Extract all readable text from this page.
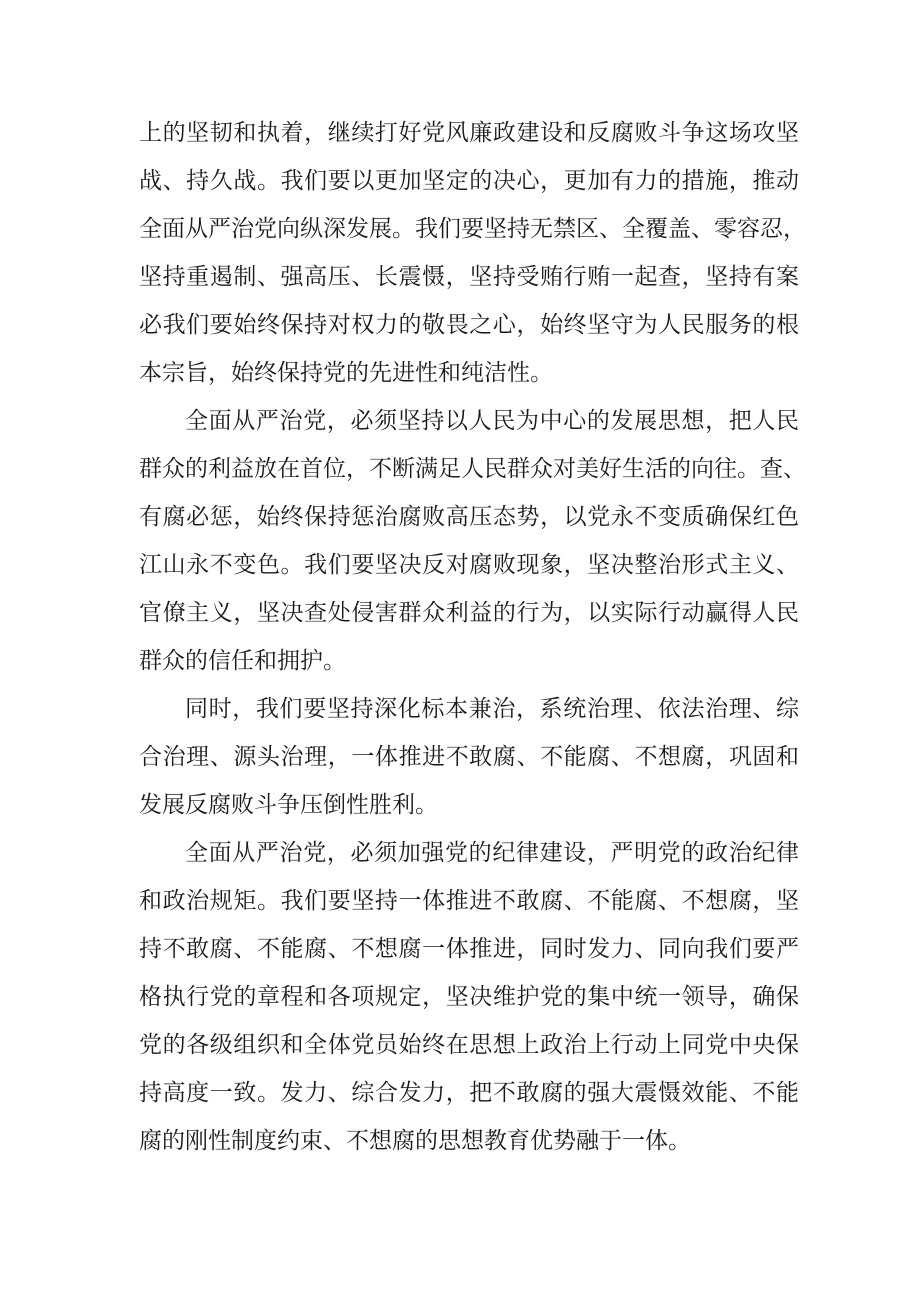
上的坚韧和执着，继续打好党风廉政建设和反腐败斗争这场攻坚
战、持久战。我们要以更加坚定的决心，更加有力的措施，推动
全面从严治党向纵深发展。我们要坚持无禁区、全覆盖、零容忍，
坚持重遏制、强高压、长震慑，坚持受贿行贿一起查，坚持有案
必我们要始终保持对权力的敬畏之心，始终坚守为人民服务的根
本宗旨，始终保持党的先进性和纯洁性。
全面从严治党，必须坚持以人民为中心的发展思想，把人民
群众的利益放在首位，不断满足人民群众对美好生活的向往。查、
有腐必惩，始终保持惩治腐败高压态势，以党永不变质确保红色
江山永不变色。我们要坚决反对腐败现象，坚决整治形式主义、
官僚主义，坚决查处侵害群众利益的行为，以实际行动赢得人民
群众的信任和拥护。
同时，我们要坚持深化标本兼治，系统治理、依法治理、综
合治理、源头治理，一体推进不敢腐、不能腐、不想腐，巩固和
发展反腐败斗争压倒性胜利。
全面从严治党，必须加强党的纪律建设，严明党的政治纪律
和政治规矩。我们要坚持一体推进不敢腐、不能腐、不想腐，坚
持不敢腐、不能腐、不想腐一体推进，同时发力、同向我们要严
格执行党的章程和各项规定，坚决维护党的集中统一领导，确保
党的各级组织和全体党员始终在思想上政治上行动上同党中央保
持高度一致。发力、综合发力，把不敢腐的强大震慑效能、不能
腐的刚性制度约束、不想腐的思想教育优势融于一体。
